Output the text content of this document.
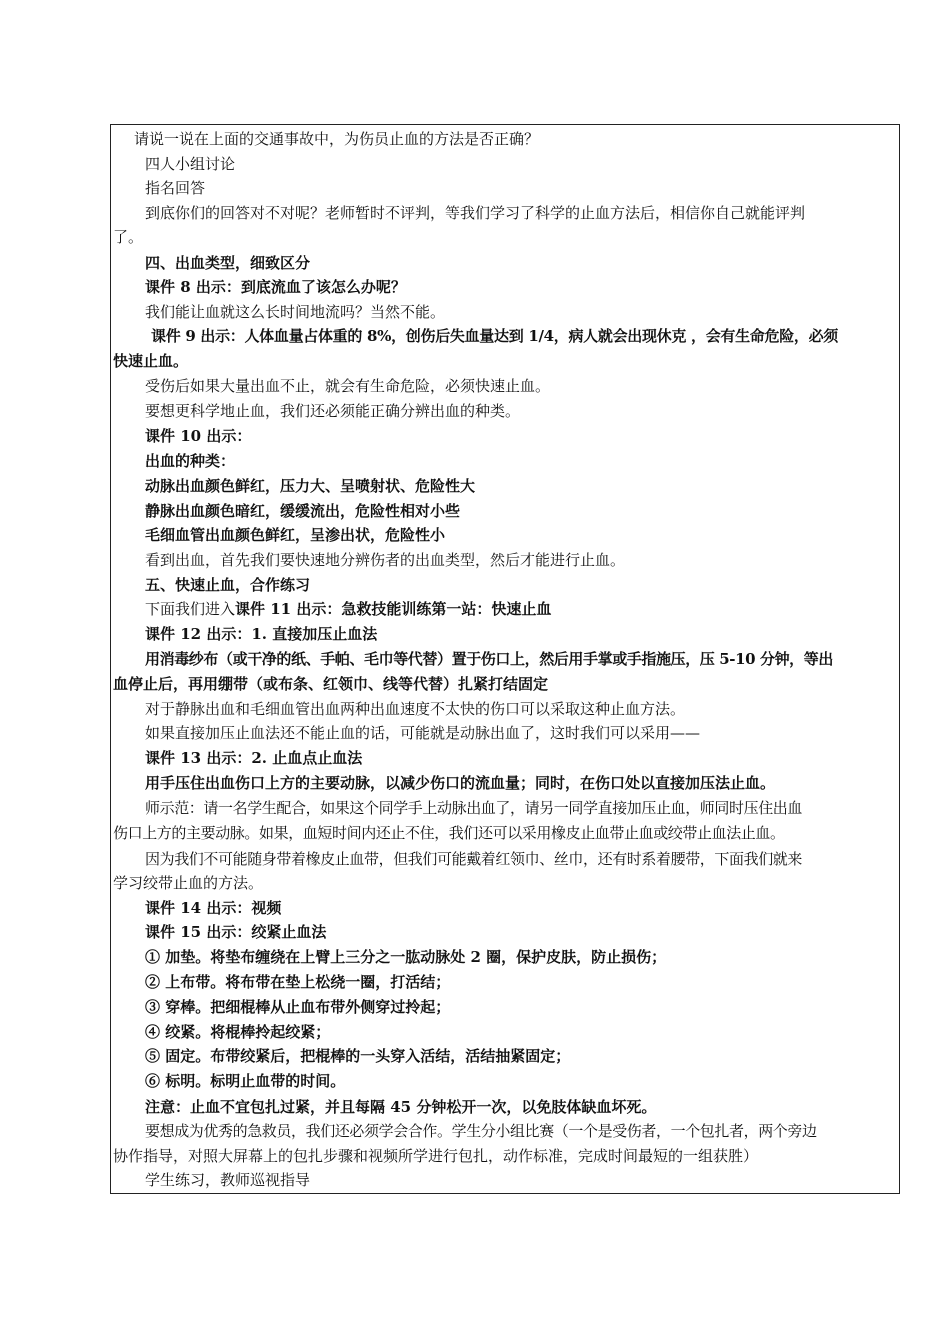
请说一说在上面的交通事故中，为伤员止血的方法是否正确？
四人小组讨论
指名回答
到底你们的回答对不对呢？老师暂时不评判，等我们学习了科学的止血方法后，相信你自己就能评判
了。
四、出血类型，细致区分
课件 8 出示：到底流血了该怎么办呢？
我们能让血就这么长时间地流吗？当然不能。
课件 9 出示：人体血量占体重的 8%，创伤后失血量达到 1/4，病人就会出现休克 ，会有生命危险，必须
快速止血。
受伤后如果大量出血不止，就会有生命危险，必须快速止血。
要想更科学地止血，我们还必须能正确分辨出血的种类。
课件 10 出示：
出血的种类：
动脉出血颜色鲜红，压力大、呈喷射状、危险性大
静脉出血颜色暗红，缓缓流出，危险性相对小些
毛细血管出血颜色鲜红，呈渗出状，危险性小
看到出血，首先我们要快速地分辨伤者的出血类型，然后才能进行止血。
五、快速止血，合作练习
下面我们进入课件 11 出示：急救技能训练第一站：快速止血
课件 12 出示：1. 直接加压止血法
用消毒纱布（或干净的纸、手帕、毛巾等代替）置于伤口上，然后用手掌或手指施压，压 5-10 分钟，等出
血停止后，再用绷带（或布条、红领巾、线等代替）扎紧打结固定
对于静脉出血和毛细血管出血两种出血速度不太快的伤口可以采取这种止血方法。
如果直接加压止血法还不能止血的话，可能就是动脉出血了，这时我们可以采用——
课件 13 出示：2. 止血点止血法
用手压住出血伤口上方的主要动脉，以减少伤口的流血量；同时，在伤口处以直接加压法止血。
师示范：请一名学生配合，如果这个同学手上动脉出血了，请另一同学直接加压止血，师同时压住出血
伤口上方的主要动脉。如果，血短时间内还止不住，我们还可以采用橡皮止血带止血或绞带止血法止血。
因为我们不可能随身带着橡皮止血带，但我们可能戴着红领巾、丝巾，还有时系着腰带，下面我们就来
学习绞带止血的方法。
课件 14 出示：视频
课件 15 出示：绞紧止血法
① 加垫。将垫布缠绕在上臂上三分之一肱动脉处 2 圈，保护皮肤，防止损伤；
② 上布带。将布带在垫上松绕一圈，打活结；
③ 穿棒。把细棍棒从止血布带外侧穿过拎起；
④ 绞紧。将棍棒拎起绞紧；
⑤ 固定。布带绞紧后，把棍棒的一头穿入活结，活结抽紧固定；
⑥ 标明。标明止血带的时间。
注意：止血不宜包扎过紧，并且每隔 45 分钟松开一次，以免肢体缺血坏死。
要想成为优秀的急救员，我们还必须学会合作。学生分小组比赛（一个是受伤者，一个包扎者，两个旁边
协作指导，对照大屏幕上的包扎步骤和视频所学进行包扎，动作标准，完成时间最短的一组获胜）
学生练习，教师巡视指导
